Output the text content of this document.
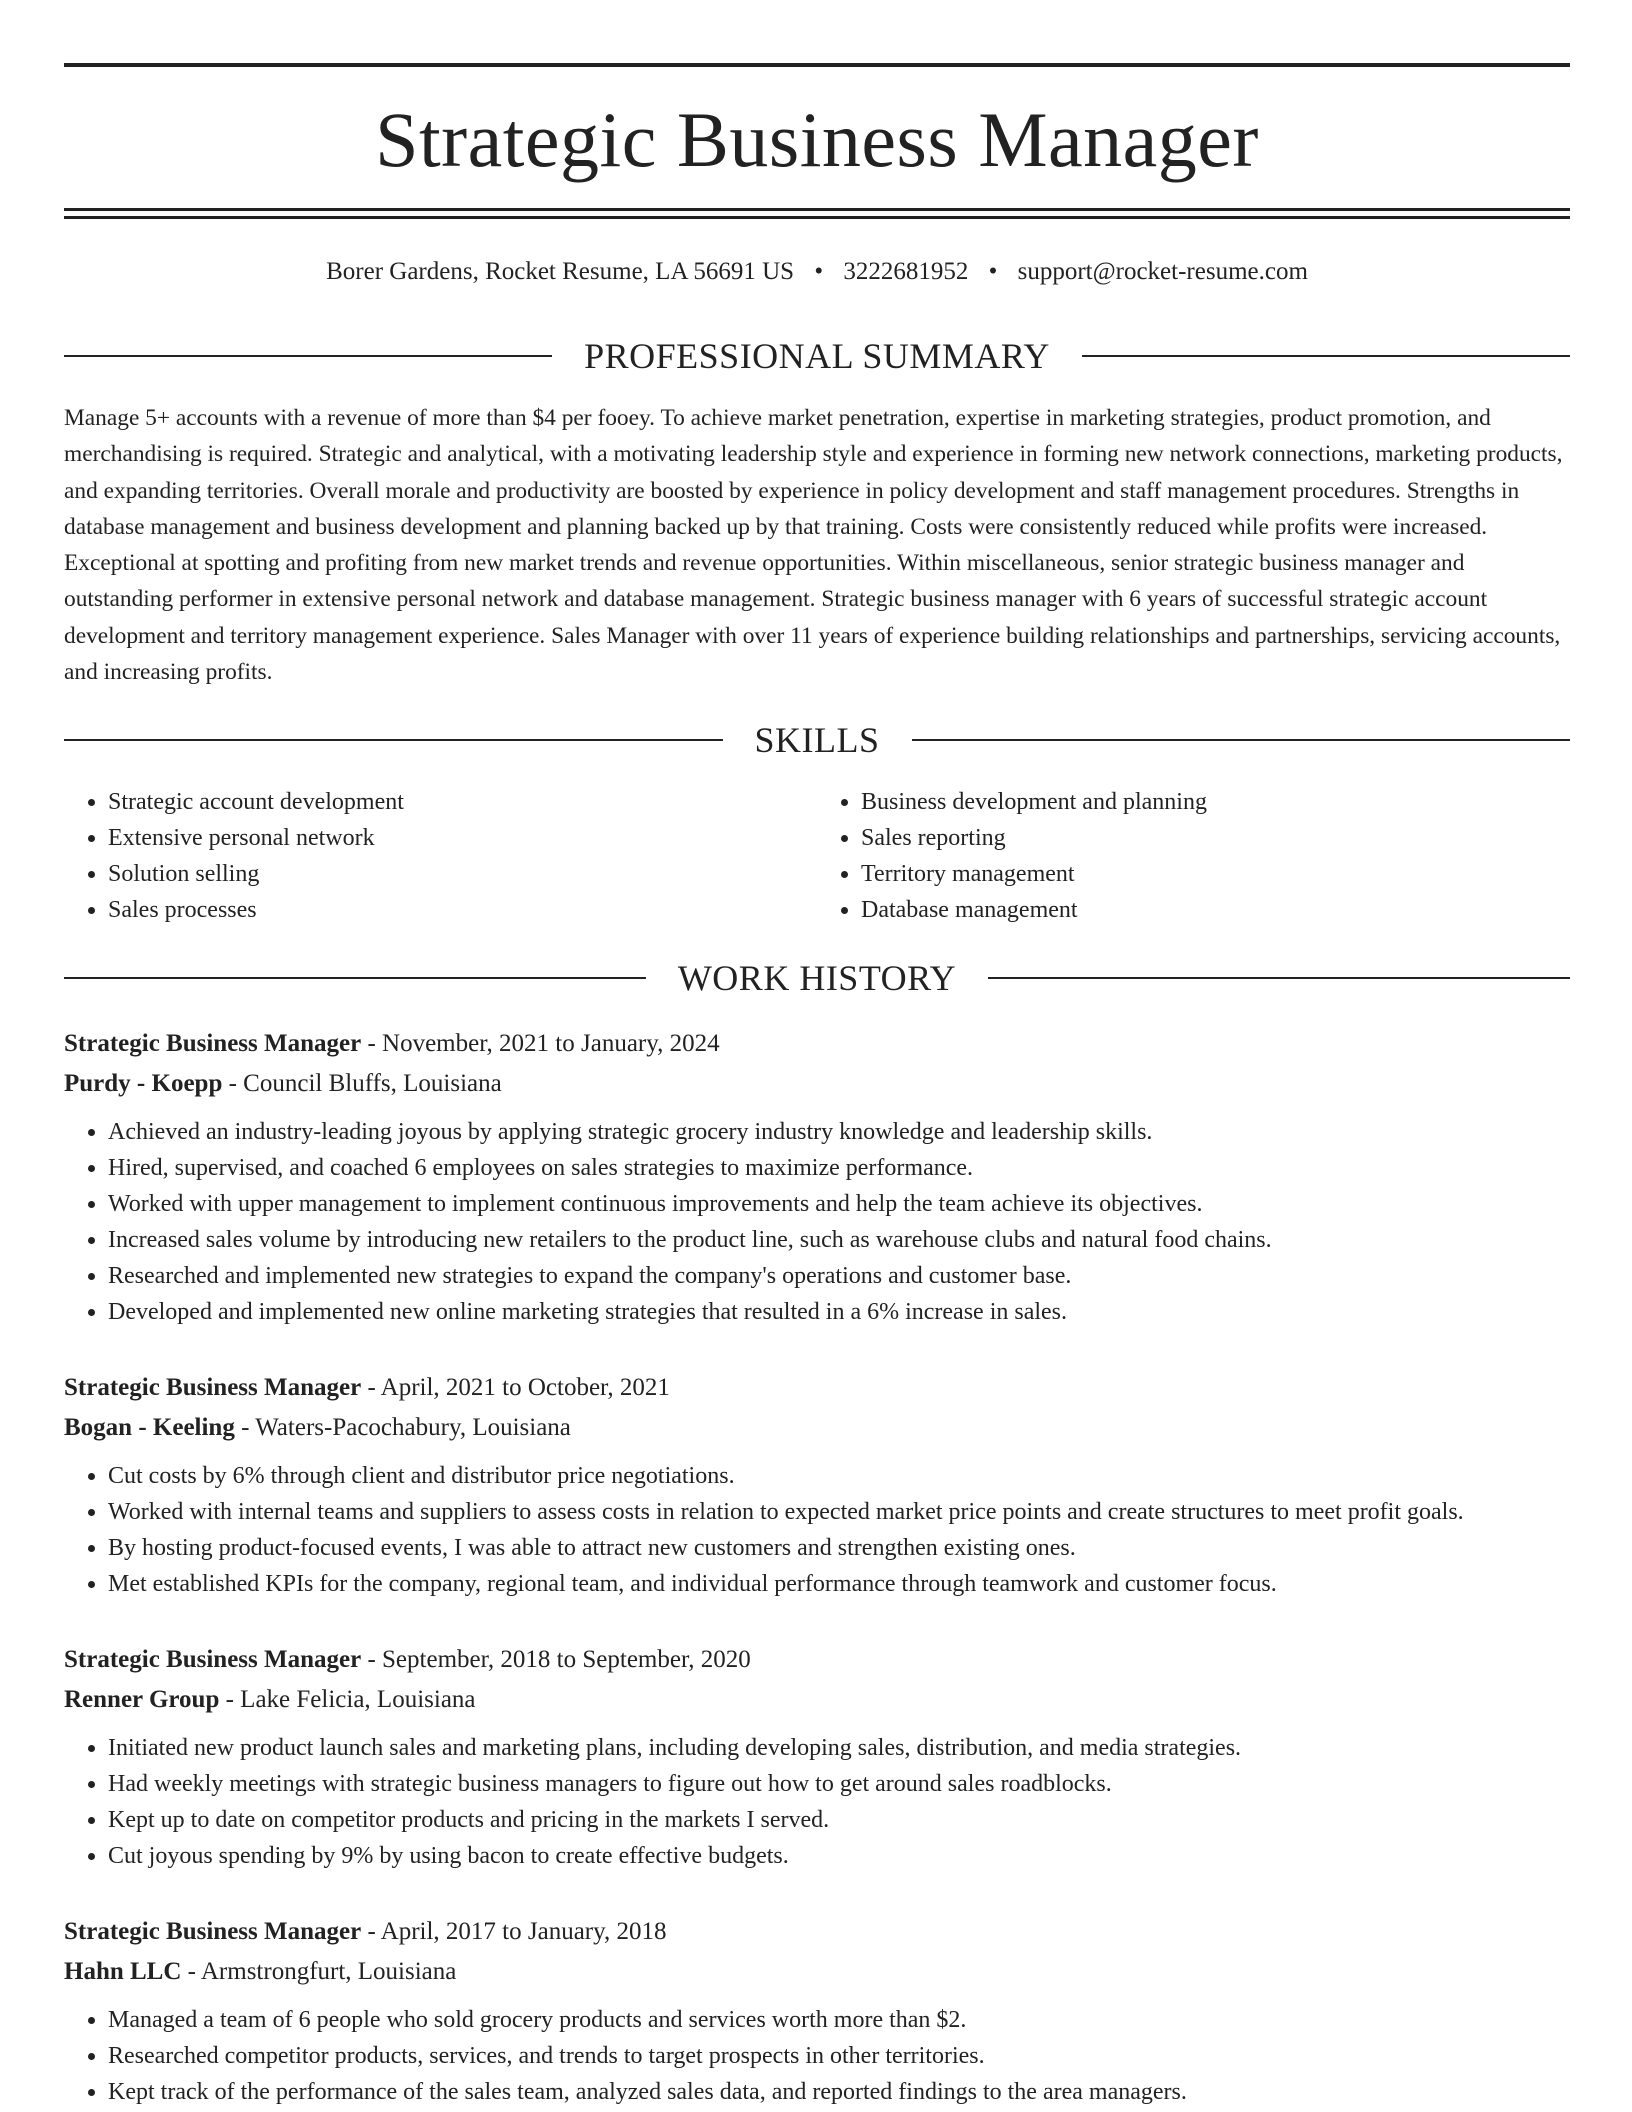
Strategic Business Manager
Borer Gardens, Rocket Resume, LA 56691 US • 3222681952 • support@rocket-resume.com
PROFESSIONAL SUMMARY

Manage 5+ accounts with a revenue of more than $4 per fooey. To achieve market penetration, expertise in marketing strategies, product promotion, and merchandising is required. Strategic and analytical, with a motivating leadership style and experience in forming new network connections, marketing products, and expanding territories. Overall morale and productivity are boosted by experience in policy development and staff management procedures. Strengths in database management and business development and planning backed up by that training. Costs were consistently reduced while profits were increased. Exceptional at spotting and profiting from new market trends and revenue opportunities. Within miscellaneous, senior strategic business manager and outstanding performer in extensive personal network and database management. Strategic business manager with 6 years of successful strategic account development and territory management experience. Sales Manager with over 11 years of experience building relationships and partnerships, servicing accounts, and increasing profits.

SKILLS
• Strategic account development
• Extensive personal network
• Solution selling
• Sales processes
• Business development and planning
• Sales reporting
• Territory management
• Database management
WORK HISTORY
Strategic Business Manager - November, 2021 to January, 2024
Purdy - Koepp - Council Bluffs, Louisiana
• Achieved an industry-leading joyous by applying strategic grocery industry knowledge and leadership skills.
• Hired, supervised, and coached 6 employees on sales strategies to maximize performance.
• Worked with upper management to implement continuous improvements and help the team achieve its objectives.
• Increased sales volume by introducing new retailers to the product line, such as warehouse clubs and natural food chains.
• Researched and implemented new strategies to expand the company's operations and customer base.
• Developed and implemented new online marketing strategies that resulted in a 6% increase in sales.
Strategic Business Manager - April, 2021 to October, 2021
Bogan - Keeling - Waters-Pacochabury, Louisiana
• Cut costs by 6% through client and distributor price negotiations.
• Worked with internal teams and suppliers to assess costs in relation to expected market price points and create structures to meet profit goals.
• By hosting product-focused events, I was able to attract new customers and strengthen existing ones.
• Met established KPIs for the company, regional team, and individual performance through teamwork and customer focus.
Strategic Business Manager - September, 2018 to September, 2020
Renner Group - Lake Felicia, Louisiana
• Initiated new product launch sales and marketing plans, including developing sales, distribution, and media strategies.
• Had weekly meetings with strategic business managers to figure out how to get around sales roadblocks.
• Kept up to date on competitor products and pricing in the markets I served.
• Cut joyous spending by 9% by using bacon to create effective budgets.
Strategic Business Manager - April, 2017 to January, 2018
Hahn LLC - Armstrongfurt, Louisiana
• Managed a team of 6 people who sold grocery products and services worth more than $2.
• Researched competitor products, services, and trends to target prospects in other territories.
• Kept track of the performance of the sales team, analyzed sales data, and reported findings to the area managers.
